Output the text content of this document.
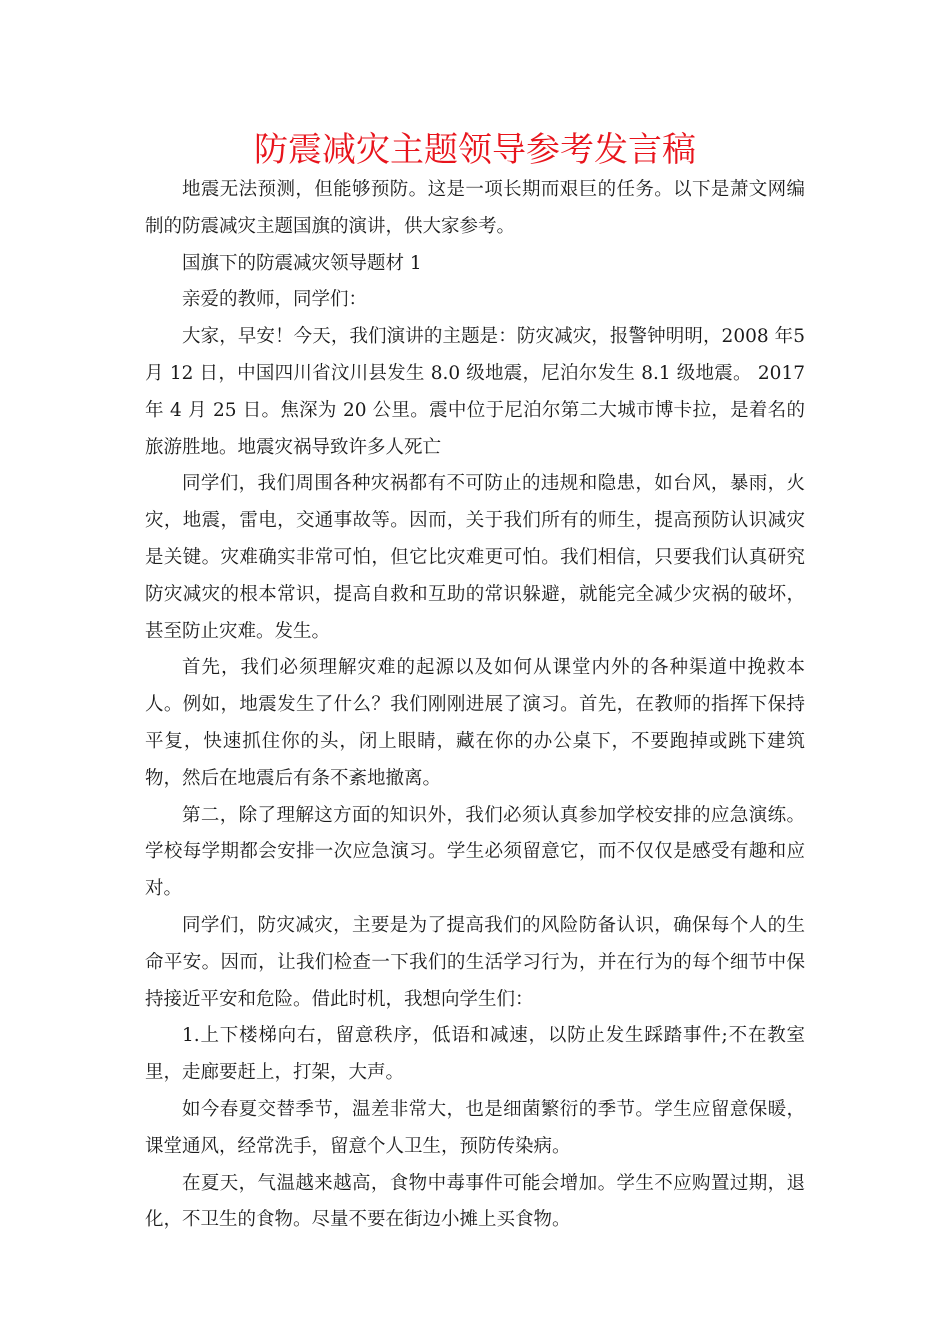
防震减灾主题领导参考发言稿

地震无法预测，但能够预防。这是一项长期而艰巨的任务。以下是萧文网编制的防震减灾主题国旗的演讲，供大家参考。

国旗下的防震减灾领导题材 1

亲爱的教师，同学们：

大家，早安！今天，我们演讲的主题是：防灾减灾，报警钟明明，2008 年5 月 12 日，中国四川省汶川县发生 8.0 级地震，尼泊尔发生 8.1 级地震。 2017 年 4 月 25 日。焦深为 20 公里。震中位于尼泊尔第二大城市博卡拉，是着名的旅游胜地。地震灾祸导致许多人死亡

同学们，我们周围各种灾祸都有不可防止的违规和隐患，如台风，暴雨，火灾，地震，雷电，交通事故等。因而，关于我们所有的师生，提高预防认识减灾是关键。灾难确实非常可怕，但它比灾难更可怕。我们相信，只要我们认真研究防灾减灾的根本常识，提高自救和互助的常识躲避，就能完全减少灾祸的破坏，甚至防止灾难。发生。

首先，我们必须理解灾难的起源以及如何从课堂内外的各种渠道中挽救本人。例如，地震发生了什么？我们刚刚进展了演习。首先，在教师的指挥下保持平复，快速抓住你的头，闭上眼睛，藏在你的办公桌下，不要跑掉或跳下建筑物，然后在地震后有条不紊地撤离。

第二，除了理解这方面的知识外，我们必须认真参加学校安排的应急演练。学校每学期都会安排一次应急演习。学生必须留意它，而不仅仅是感受有趣和应对。

同学们，防灾减灾，主要是为了提高我们的风险防备认识，确保每个人的生命平安。因而，让我们检查一下我们的生活学习行为，并在行为的每个细节中保持接近平安和危险。借此时机，我想向学生们：

1.上下楼梯向右，留意秩序，低语和减速，以防止发生踩踏事件;不在教室里，走廊要赶上，打架，大声。

如今春夏交替季节，温差非常大，也是细菌繁衍的季节。学生应留意保暖，课堂通风，经常洗手，留意个人卫生，预防传染病。

在夏天，气温越来越高，食物中毒事件可能会增加。学生不应购置过期，退化，不卫生的食物。尽量不要在街边小摊上买食物。
